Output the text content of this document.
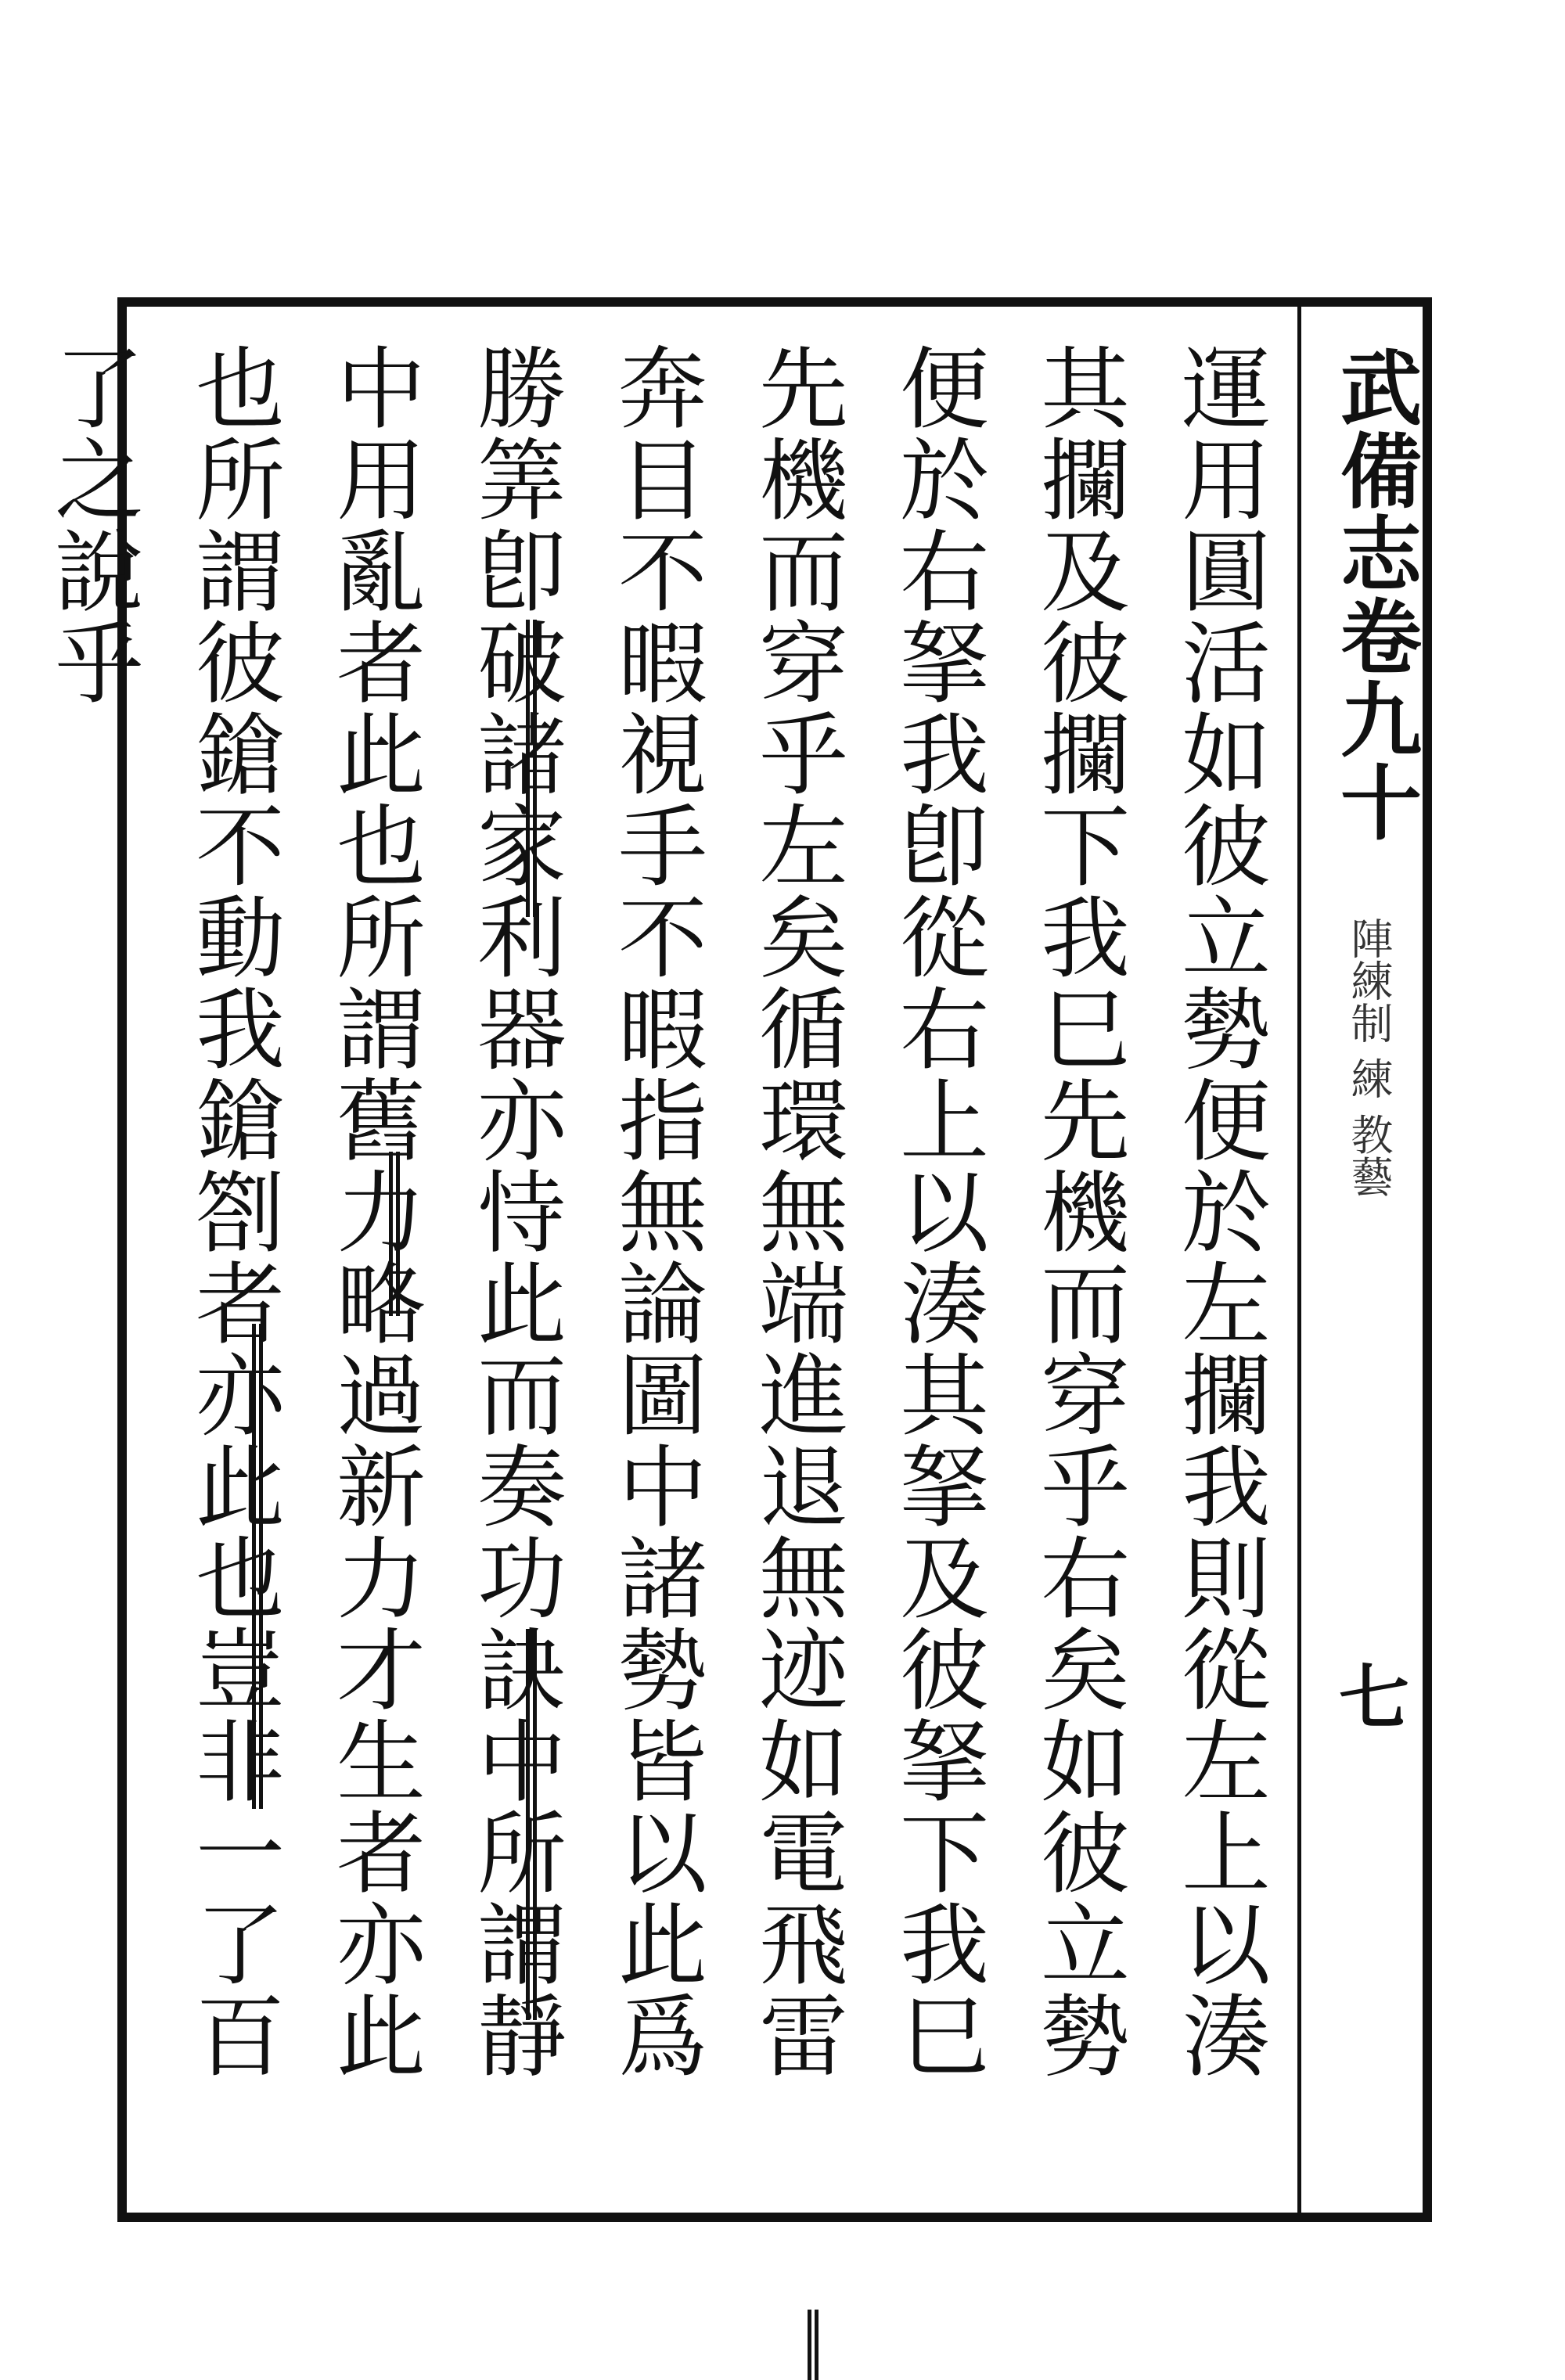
武備志卷九十
陣練制 練 教藝
七
運用圓活如彼立勢便於左攔我則從左上以湊
其攔及彼攔下我巳先機而穿乎右矣如彼立勢
便於右拏我卽從右上以湊其拏及彼拏下我巳
先機而穿乎左矣循環無端進退無迹如電飛雷
奔目不暇視手不暇指無論圖中諸勢皆以此爲
勝筭卽破諸家利器亦恃此而奏功訣中所謂靜
中用亂者此也所謂舊力略過新力才生者亦此
也所謂彼鎗不動我鎗劄者亦此也豈非一了百
了之說乎
